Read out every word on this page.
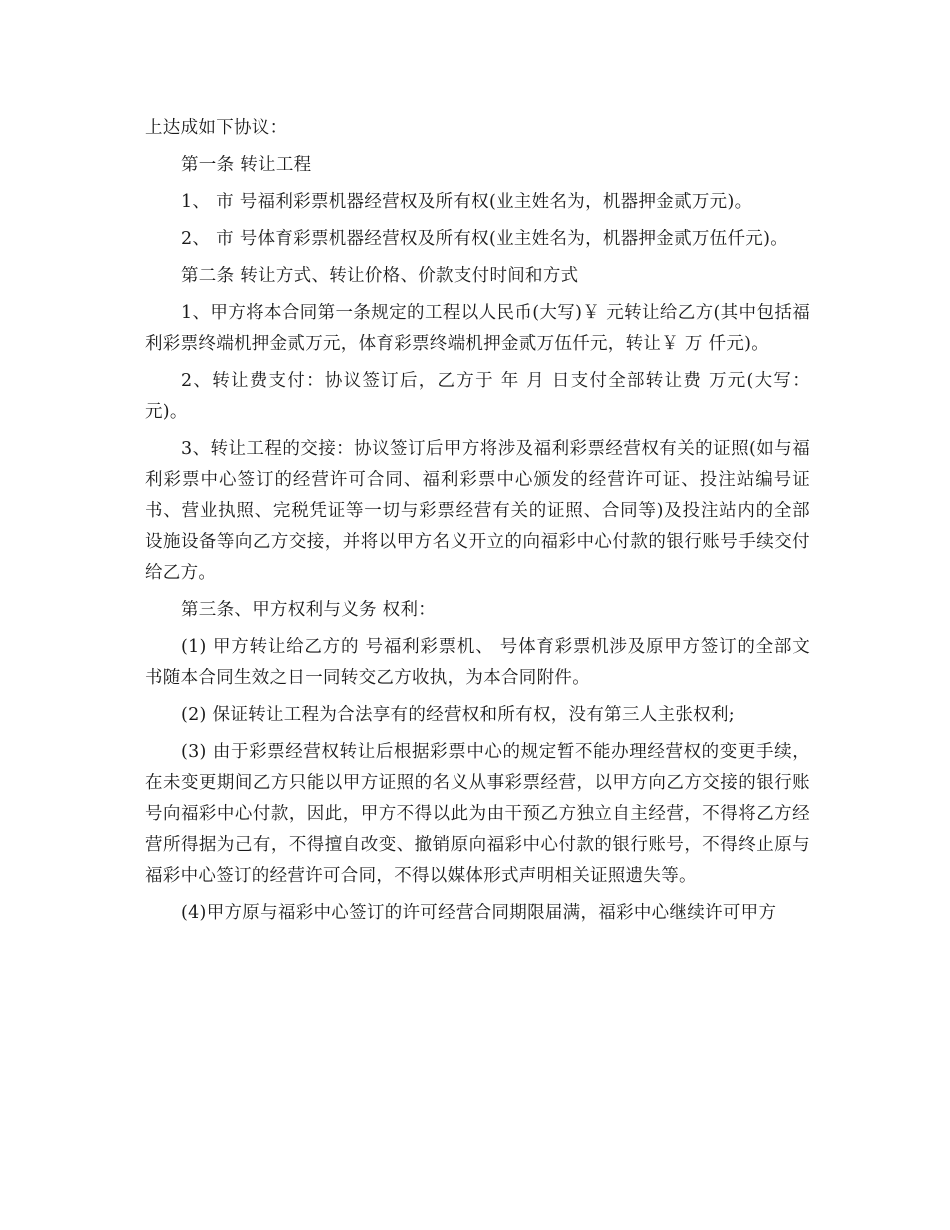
上达成如下协议：

第一条 转让工程

1、 市 号福利彩票机器经营权及所有权(业主姓名为，机器押金贰万元)。

2、 市 号体育彩票机器经营权及所有权(业主姓名为，机器押金贰万伍仟元)。

第二条 转让方式、转让价格、价款支付时间和方式

1、甲方将本合同第一条规定的工程以人民币(大写)￥ 元转让给乙方(其中包括福利彩票终端机押金贰万元，体育彩票终端机押金贰万伍仟元，转让￥ 万 仟元)。

2、转让费支付：协议签订后，乙方于 年 月 日支付全部转让费 万元(大写：元)。

3、转让工程的交接：协议签订后甲方将涉及福利彩票经营权有关的证照(如与福利彩票中心签订的经营许可合同、福利彩票中心颁发的经营许可证、投注站编号证书、营业执照、完税凭证等一切与彩票经营有关的证照、合同等)及投注站内的全部设施设备等向乙方交接，并将以甲方名义开立的向福彩中心付款的银行账号手续交付给乙方。

第三条、甲方权利与义务 权利：

(1) 甲方转让给乙方的 号福利彩票机、 号体育彩票机涉及原甲方签订的全部文书随本合同生效之日一同转交乙方收执，为本合同附件。

(2) 保证转让工程为合法享有的经营权和所有权，没有第三人主张权利;

(3) 由于彩票经营权转让后根据彩票中心的规定暂不能办理经营权的变更手续，在未变更期间乙方只能以甲方证照的名义从事彩票经营，以甲方向乙方交接的银行账号向福彩中心付款，因此，甲方不得以此为由干预乙方独立自主经营，不得将乙方经营所得据为己有，不得擅自改变、撤销原向福彩中心付款的银行账号，不得终止原与福彩中心签订的经营许可合同，不得以媒体形式声明相关证照遗失等。

(4)甲方原与福彩中心签订的许可经营合同期限届满，福彩中心继续许可甲方
